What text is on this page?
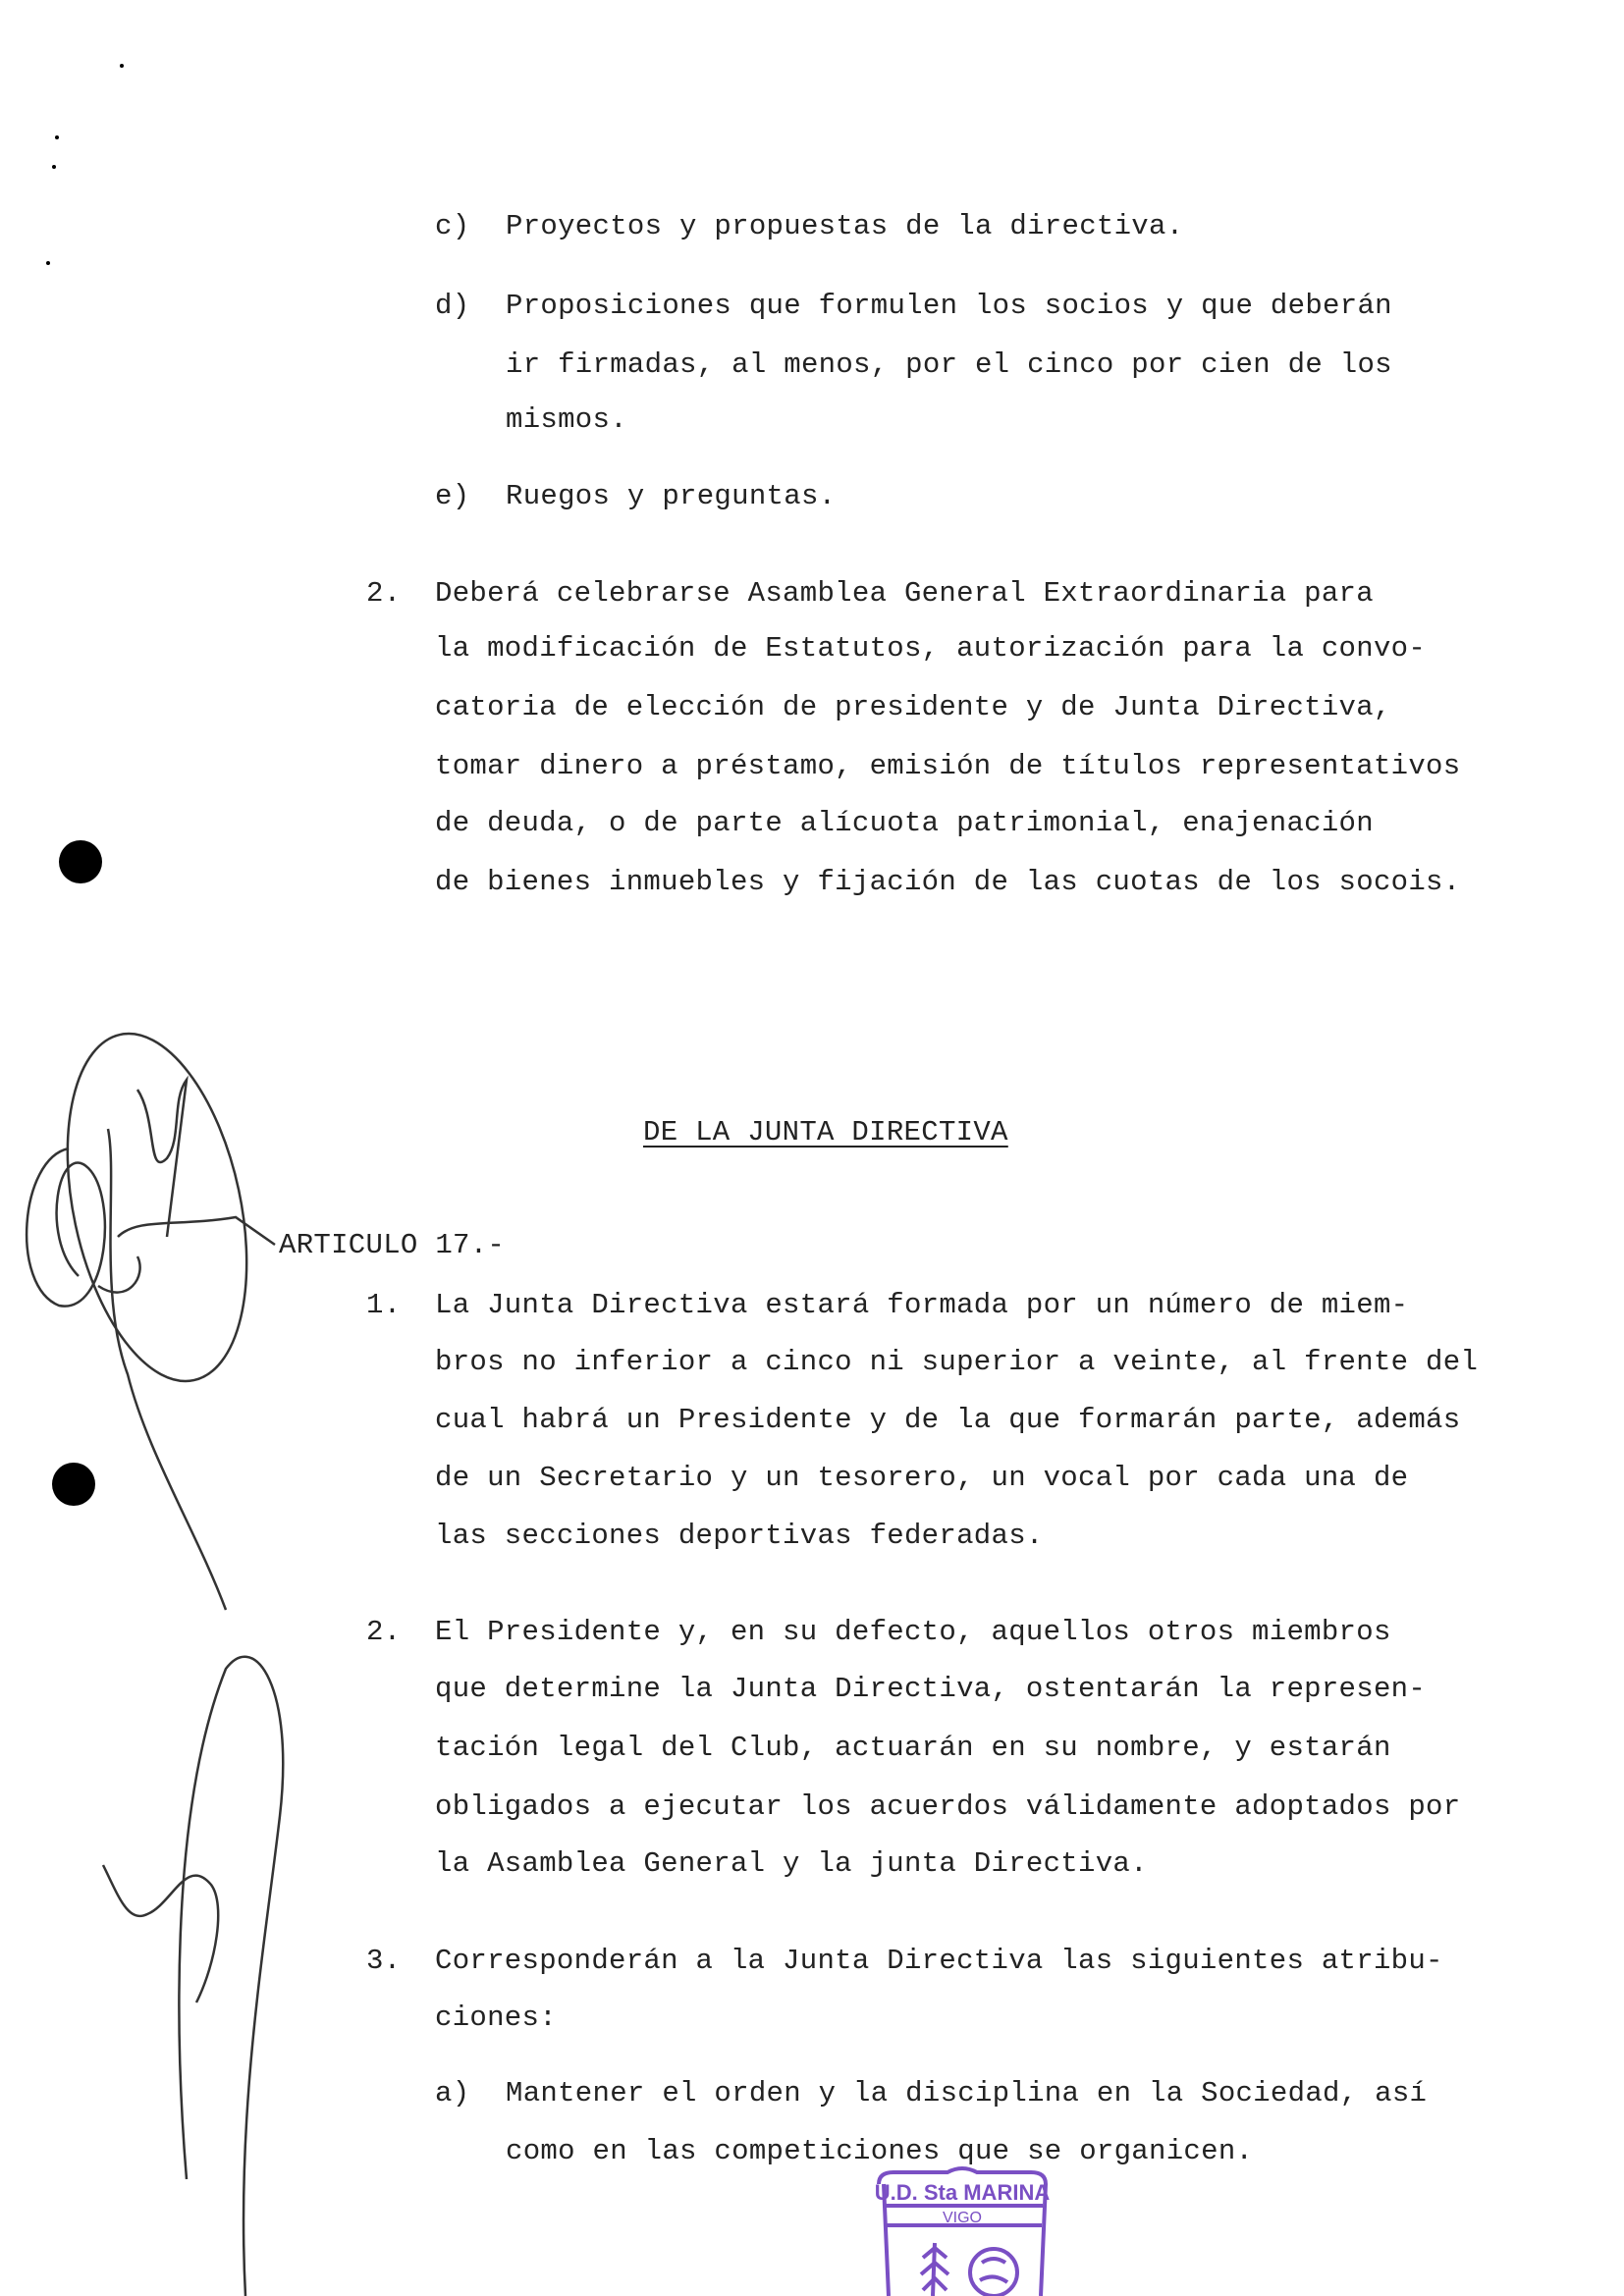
c) Proyectos y propuestas de la directiva.
d) Proposiciones que formulen los socios y que deberán
ir firmadas, al menos, por el cinco por cien de los
mismos.
e) Ruegos y preguntas.
2. Deberá celebrarse Asamblea General Extraordinaria para
la modificación de Estatutos, autorización para la convo-
catoria de elección de presidente y de Junta Directiva,
tomar dinero a préstamo, emisión de títulos representativos
de deuda, o de parte alícuota patrimonial, enajenación
de bienes inmuebles y fijación de las cuotas de los socois.
DE LA JUNTA DIRECTIVA
ARTICULO 17.-
1. La Junta Directiva estará formada por un número de miem-
bros no inferior a cinco ni superior a veinte, al frente del
cual habrá un Presidente y de la que formarán parte, además
de un Secretario y un tesorero, un vocal por cada una de
las secciones deportivas federadas.
2. El Presidente y, en su defecto, aquellos otros miembros
que determine la Junta Directiva, ostentarán la represen-
tación legal del Club, actuarán en su nombre, y estarán
obligados a ejecutar los acuerdos válidamente adoptados por
la Asamblea General y la junta Directiva.
3. Corresponderán a la Junta Directiva las siguientes atribu-
ciones:
a) Mantener el orden y la disciplina en la Sociedad, así
como en las competiciones que se organicen.
U.D. Sta MARINA
VIGO
